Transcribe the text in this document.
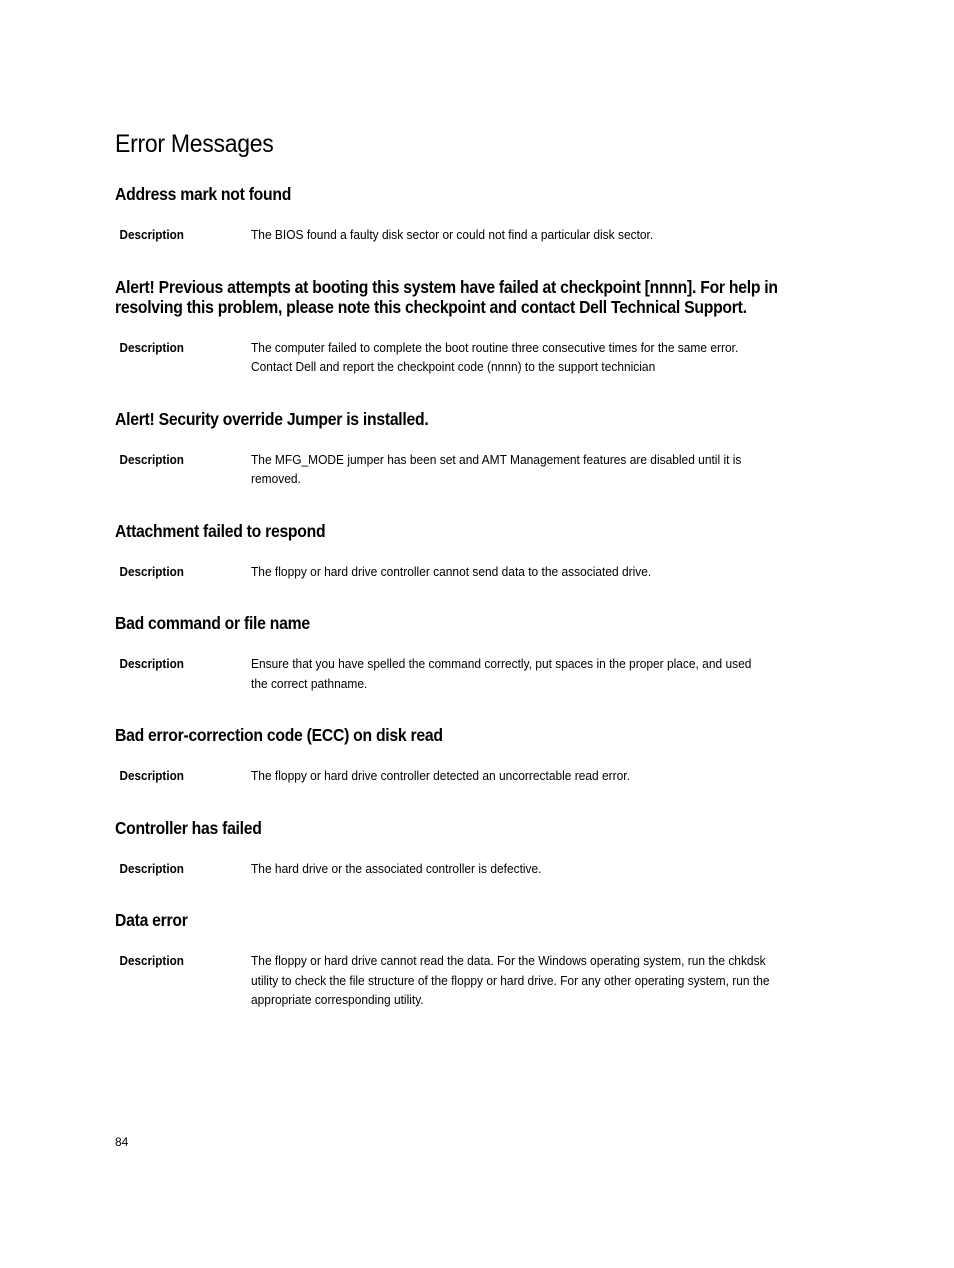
Error Messages
Address mark not found
Description	The BIOS found a faulty disk sector or could not find a particular disk sector.
Alert! Previous attempts at booting this system have failed at checkpoint [nnnn]. For help in resolving this problem, please note this checkpoint and contact Dell Technical Support.
Description	The computer failed to complete the boot routine three consecutive times for the same error. Contact Dell and report the checkpoint code (nnnn) to the support technician
Alert! Security override Jumper is installed.
Description	The MFG_MODE jumper has been set and AMT Management features are disabled until it is removed.
Attachment failed to respond
Description	The floppy or hard drive controller cannot send data to the associated drive.
Bad command or file name
Description	Ensure that you have spelled the command correctly, put spaces in the proper place, and used the correct pathname.
Bad error-correction code (ECC) on disk read
Description	The floppy or hard drive controller detected an uncorrectable read error.
Controller has failed
Description	The hard drive or the associated controller is defective.
Data error
Description	The floppy or hard drive cannot read the data. For the Windows operating system, run the chkdsk utility to check the file structure of the floppy or hard drive. For any other operating system, run the appropriate corresponding utility.
84
